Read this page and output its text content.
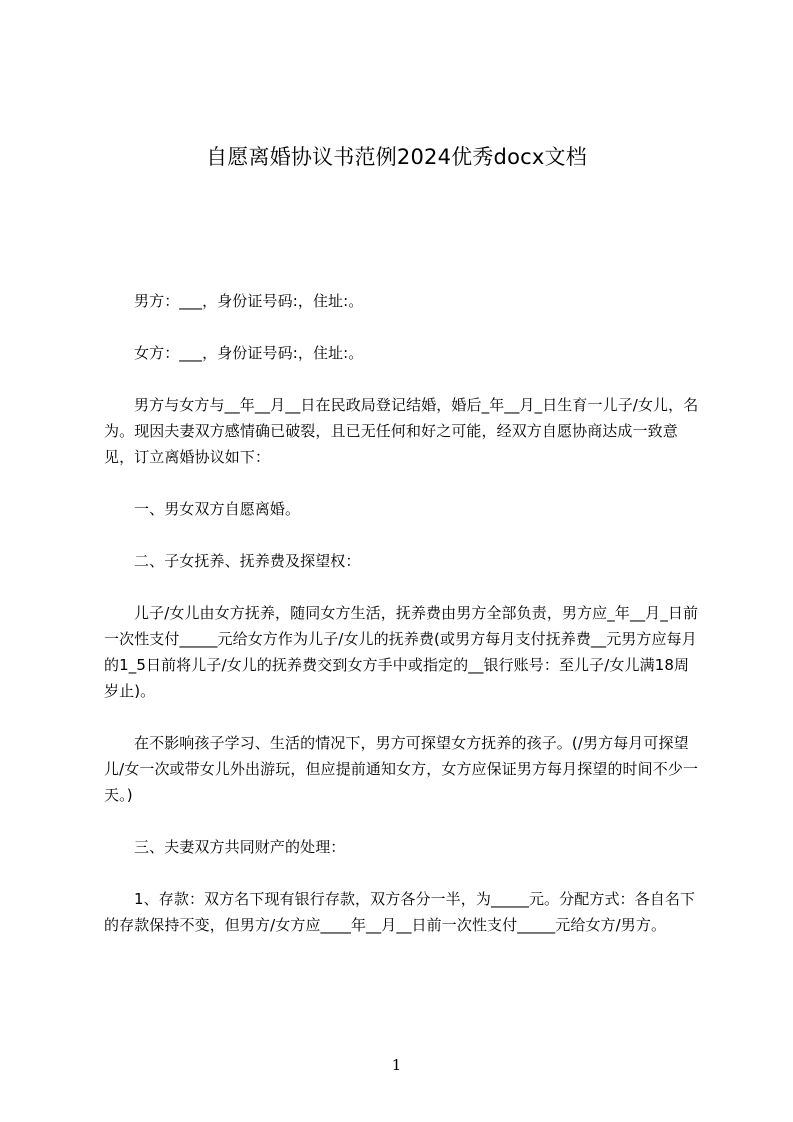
自愿离婚协议书范例2024优秀docx文档

男方：___，身份证号码:，住址:。

女方：___，身份证号码:，住址:。

男方与女方与__年__月__日在民政局登记结婚，婚后_年__月_日生育一儿子/女儿，名为。现因夫妻双方感情确已破裂，且已无任何和好之可能，经双方自愿协商达成一致意见，订立离婚协议如下：

一、男女双方自愿离婚。

二、子女抚养、抚养费及探望权：

儿子/女儿由女方抚养，随同女方生活，抚养费由男方全部负责，男方应_年__月_日前一次性支付_____元给女方作为儿子/女儿的抚养费(或男方每月支付抚养费__元男方应每月的1_5日前将儿子/女儿的抚养费交到女方手中或指定的__银行账号：至儿子/女儿满18周岁止)。

在不影响孩子学习、生活的情况下，男方可探望女方抚养的孩子。(/男方每月可探望儿/女一次或带女儿外出游玩，但应提前通知女方，女方应保证男方每月探望的时间不少一天。)

三、夫妻双方共同财产的处理：

1、存款：双方名下现有银行存款，双方各分一半，为_____元。分配方式：各自名下的存款保持不变，但男方/女方应____年__月__日前一次性支付_____元给女方/男方。

1
